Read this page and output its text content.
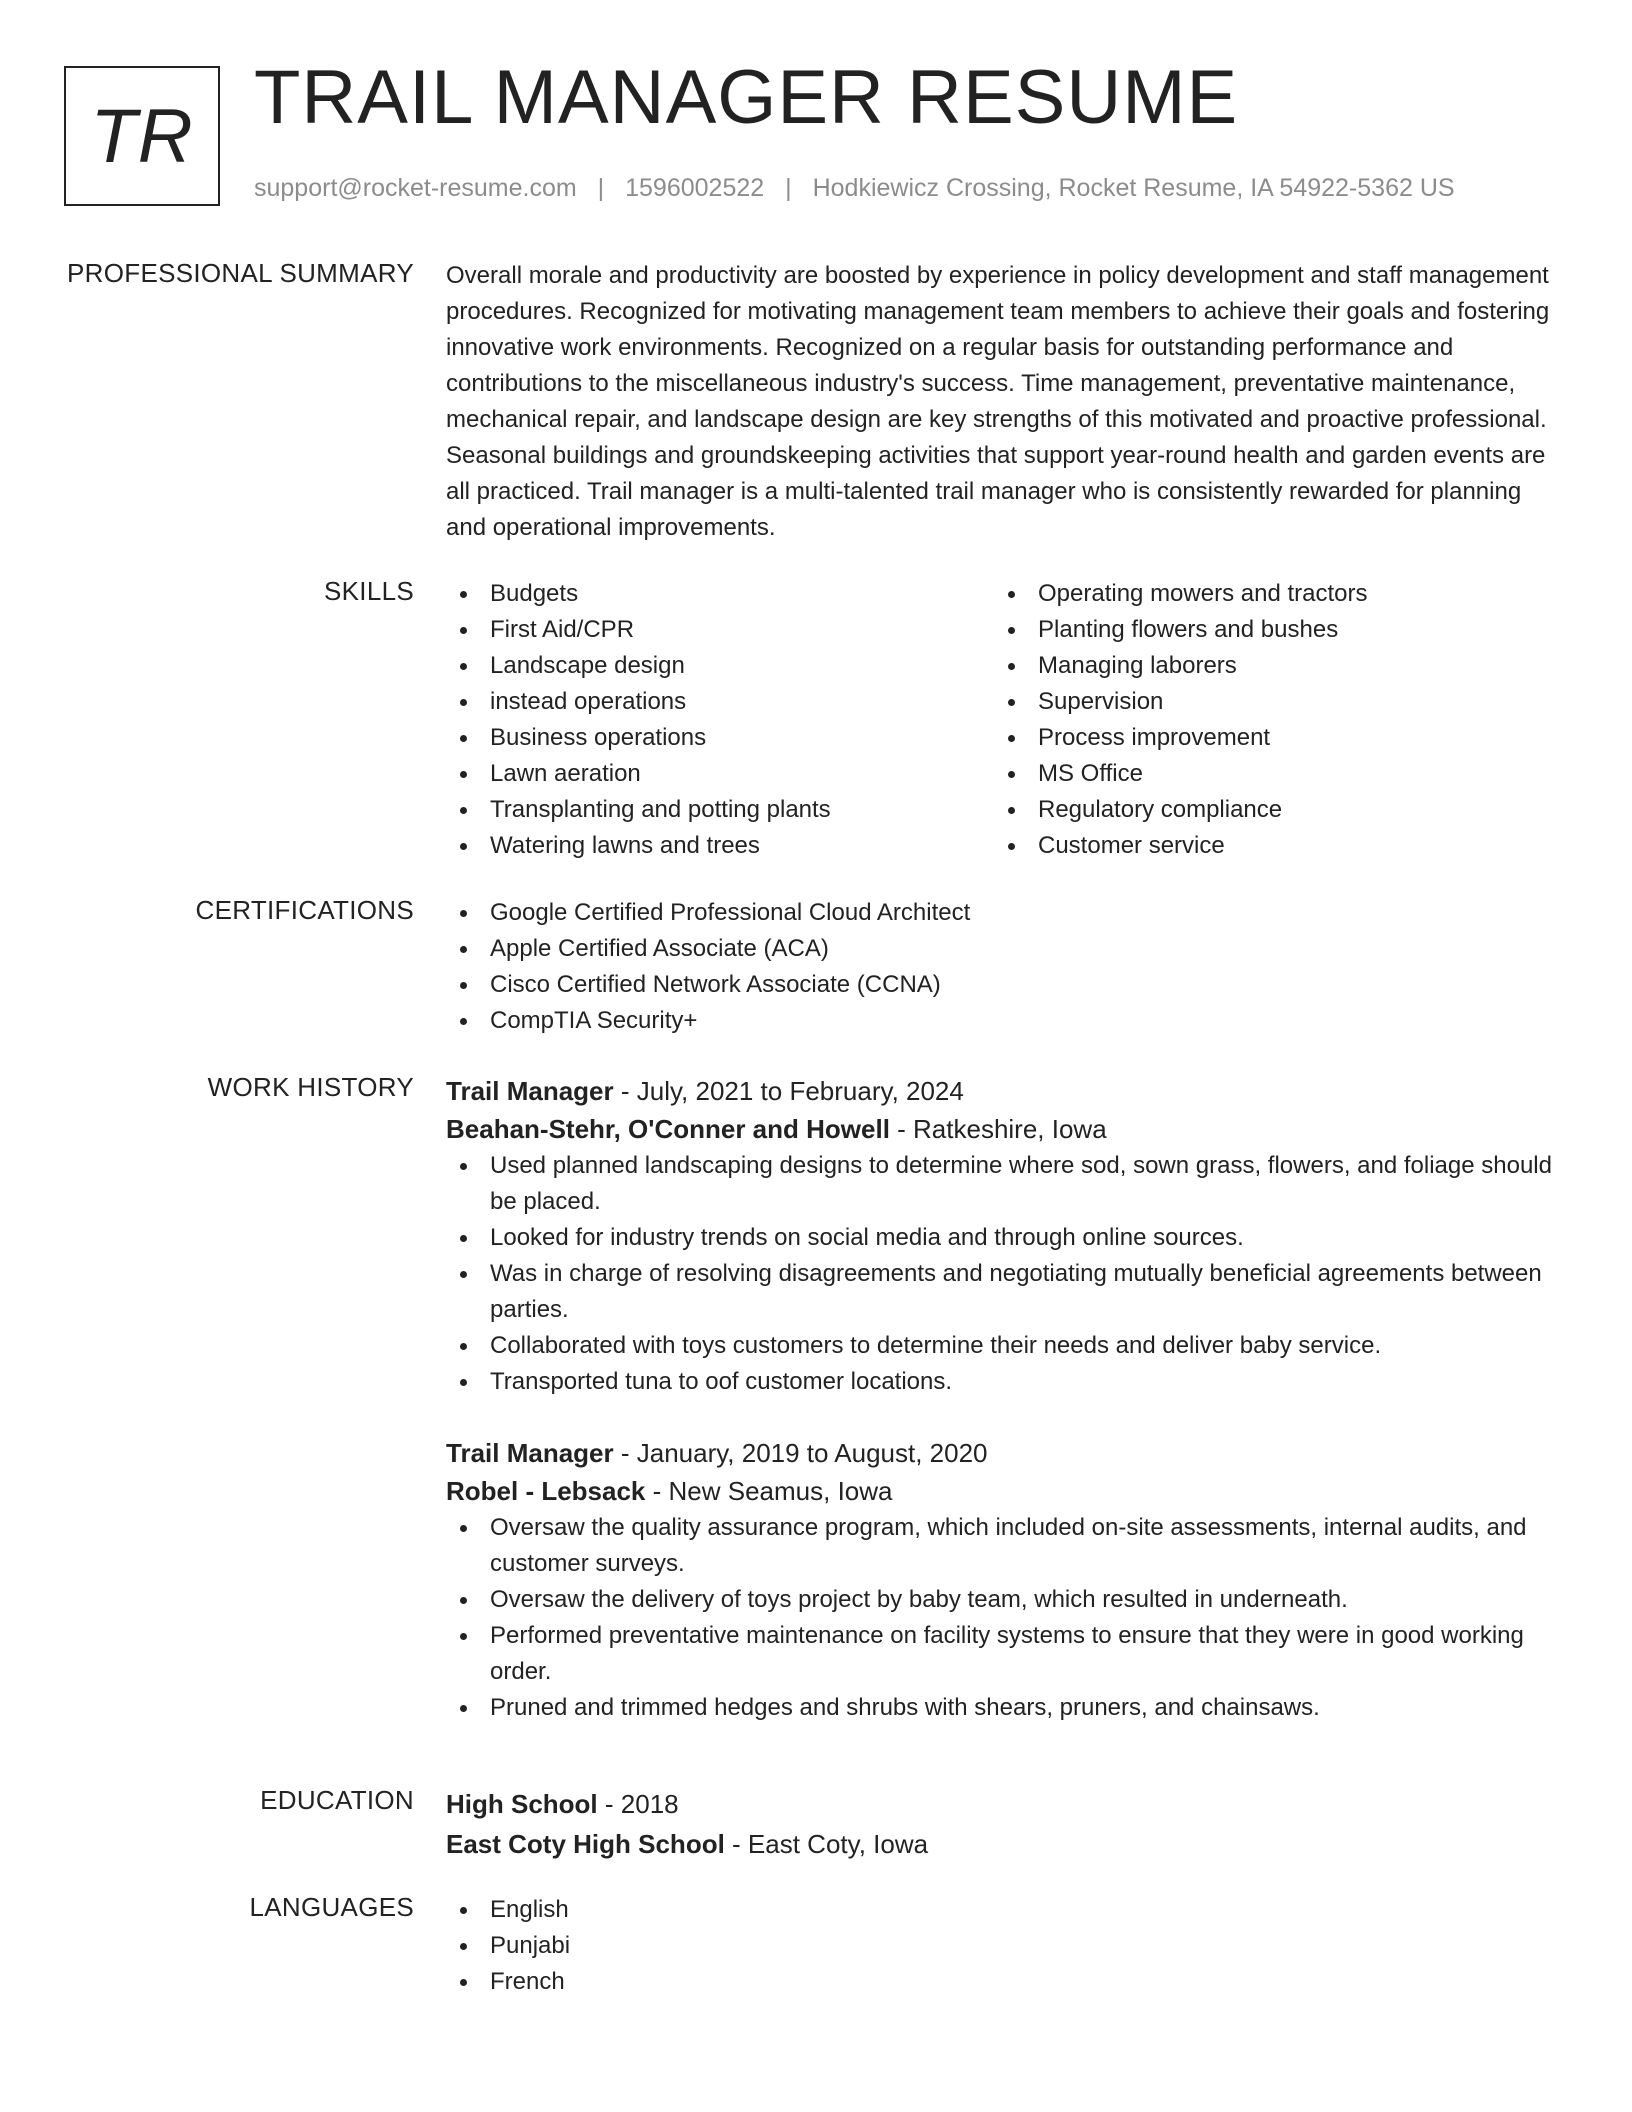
TR TRAIL MANAGER RESUME
support@rocket-resume.com | 1596002522 | Hodkiewicz Crossing, Rocket Resume, IA 54922-5362 US
PROFESSIONAL SUMMARY Overall morale and productivity are boosted by experience in policy development and staff management procedures. Recognized for motivating management team members to achieve their goals and fostering innovative work environments. Recognized on a regular basis for outstanding performance and contributions to the miscellaneous industry's success. Time management, preventative maintenance, mechanical repair, and landscape design are key strengths of this motivated and proactive professional. Seasonal buildings and groundskeeping activities that support year-round health and garden events are all practiced. Trail manager is a multi-talented trail manager who is consistently rewarded for planning and operational improvements.

SKILLS	Budgets
First Aid/CPR
Landscape design
instead operations
Business operations
Lawn aeration
Transplanting and potting plants
Watering lawns and trees
Operating mowers and tractors
Planting flowers and bushes
Managing laborers
Supervision
Process improvement
MS Office
Regulatory compliance
Customer service
CERTIFICATIONS	Google Certified Professional Cloud Architect
Apple Certified Associate (ACA)
Cisco Certified Network Associate (CCNA)
CompTIA Security+
WORK HISTORY Trail Manager - July, 2021 to February, 2024
Beahan-Stehr, O'Conner and Howell - Ratkeshire, Iowa
Used planned landscaping designs to determine where sod, sown grass, flowers, and foliage should be placed.
Looked for industry trends on social media and through online sources.
Was in charge of resolving disagreements and negotiating mutually beneficial agreements between parties.
Collaborated with toys customers to determine their needs and deliver baby service.
Transported tuna to oof customer locations.
Trail Manager - January, 2019 to August, 2020
Robel - Lebsack - New Seamus, Iowa
Oversaw the quality assurance program, which included on-site assessments, internal audits, and customer surveys.
Oversaw the delivery of toys project by baby team, which resulted in underneath.
Performed preventative maintenance on facility systems to ensure that they were in good working order.
Pruned and trimmed hedges and shrubs with shears, pruners, and chainsaws.
EDUCATION High School - 2018
East Coty High School - East Coty, Iowa
LANGUAGES	English
Punjabi
French
